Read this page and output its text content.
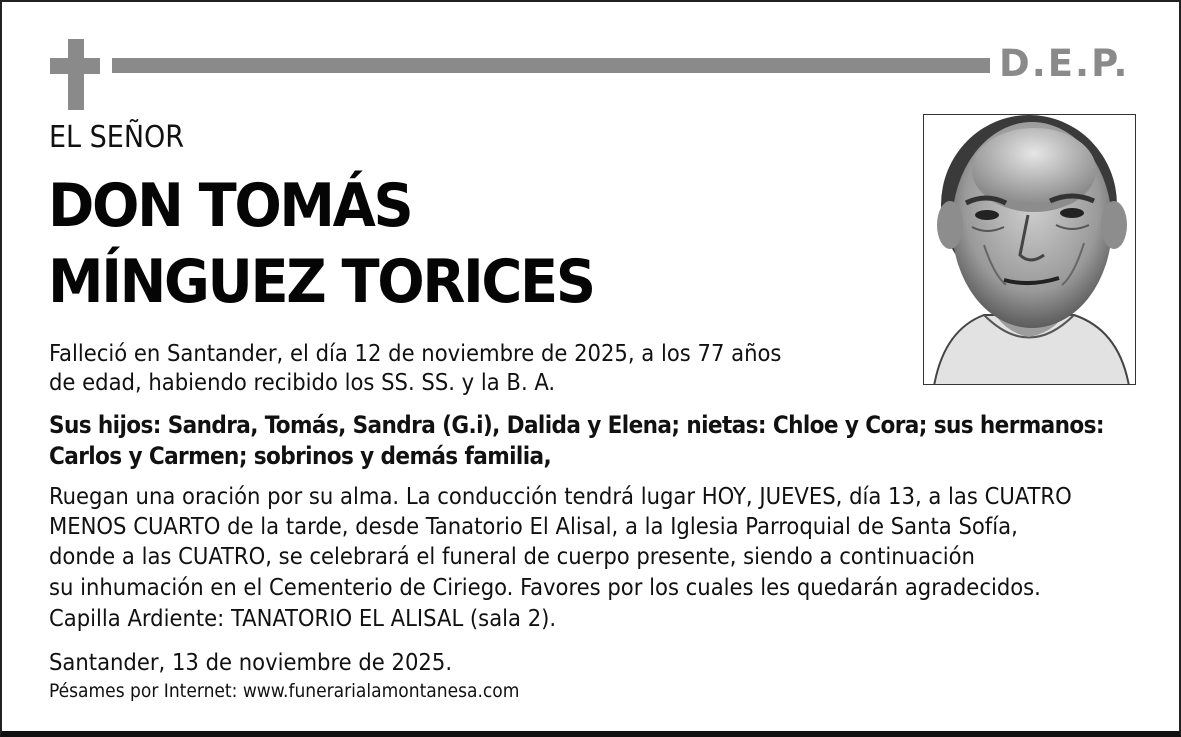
D.E.P.
EL SEÑOR
DON TOMÁS
MÍNGUEZ TORICES
Falleció en Santander, el día 12 de noviembre de 2025, a los 77 años
de edad, habiendo recibido los SS. SS. y la B. A.
Sus hijos: Sandra, Tomás, Sandra (G.i), Dalida y Elena; nietas: Chloe y Cora; sus hermanos:
Carlos y Carmen; sobrinos y demás familia,
Ruegan una oración por su alma. La conducción tendrá lugar HOY, JUEVES, día 13, a las CUATRO
MENOS CUARTO de la tarde, desde Tanatorio El Alisal, a la Iglesia Parroquial de Santa Sofía,
donde a las CUATRO, se celebrará el funeral de cuerpo presente, siendo a continuación
su inhumación en el Cementerio de Ciriego. Favores por los cuales les quedarán agradecidos.
Capilla Ardiente: TANATORIO EL ALISAL (sala 2).
Santander, 13 de noviembre de 2025.
Pésames por Internet: www.funerarialamontanesa.com
